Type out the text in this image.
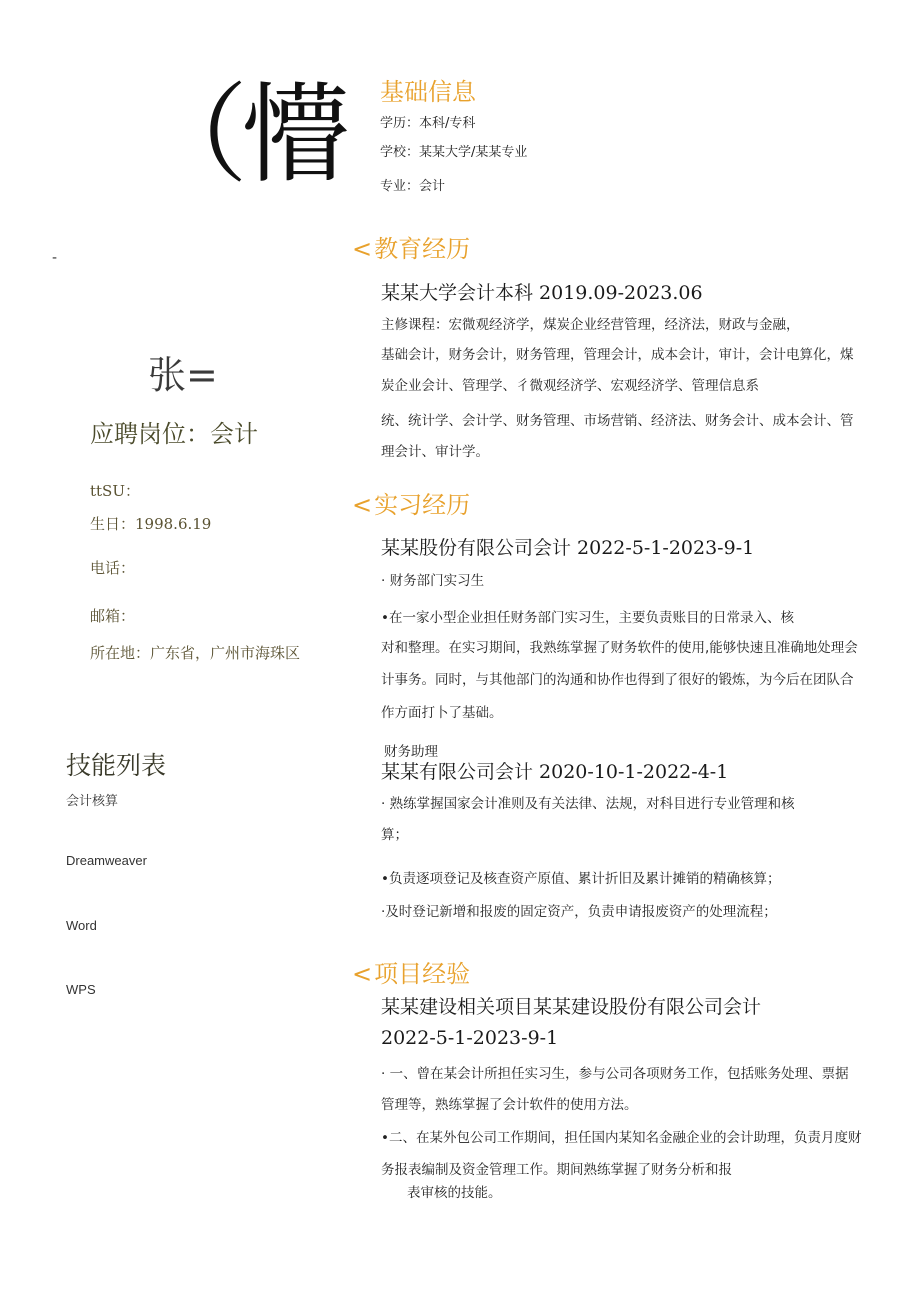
（懵
-
张=
应聘岗位：会计
ttSU：
生日：1998.6.19
电话：
邮箱：
所在地：广东省，广州市海珠区
技能列表
会计核算
Dreamweaver
Word
WPS
基础信息
学历：本科/专科
学校：某某大学/某某专业
专业：会计
<教育经历
某某大学会计本科 2019.09-2023.06
主修课程：宏微观经济学，煤炭企业经营管理，经济法，财政与金融，
基础会计，财务会计，财务管理，管理会计，成本会计，审计，会计电算化，煤
炭企业会计、管理学、彳微观经济学、宏观经济学、管理信息系
统、统计学、会计学、财务管理、市场营销、经济法、财务会计、成本会计、管
理会计、审计学。
<实习经历
某某股份有限公司会计 2022-5-1-2023-9-1
· 财务部门实习生
•在一家小型企业担任财务部门实习生，主要负责账目的日常录入、核
对和整理。在实习期间，我熟练掌握了财务软件的使用,能够快速且准确地处理会
计事务。同时，与其他部门的沟通和协作也得到了很好的锻炼，为今后在团队合
作方面打卜了基础。
财务助理
某某有限公司会计 2020-10-1-2022-4-1
· 熟练掌握国家会计准则及有关法律、法规，对科目进行专业管理和核
算；
•负责逐项登记及核查资产原值、累计折旧及累计摊销的精确核算；
·及时登记新增和报废的固定资产，负责申请报废资产的处理流程；
<项目经验
某某建设相关项目某某建设股份有限公司会计
2022-5-1-2023-9-1
· 一、曾在某会计所担任实习生，参与公司各项财务工作，包括账务处理、票据
管理等，熟练掌握了会计软件的使用方法。
•二、在某外包公司工作期间，担任国内某知名金融企业的会计助理，负责月度财
务报表编制及资金管理工作。期间熟练掌握了财务分析和报
表审核的技能。
